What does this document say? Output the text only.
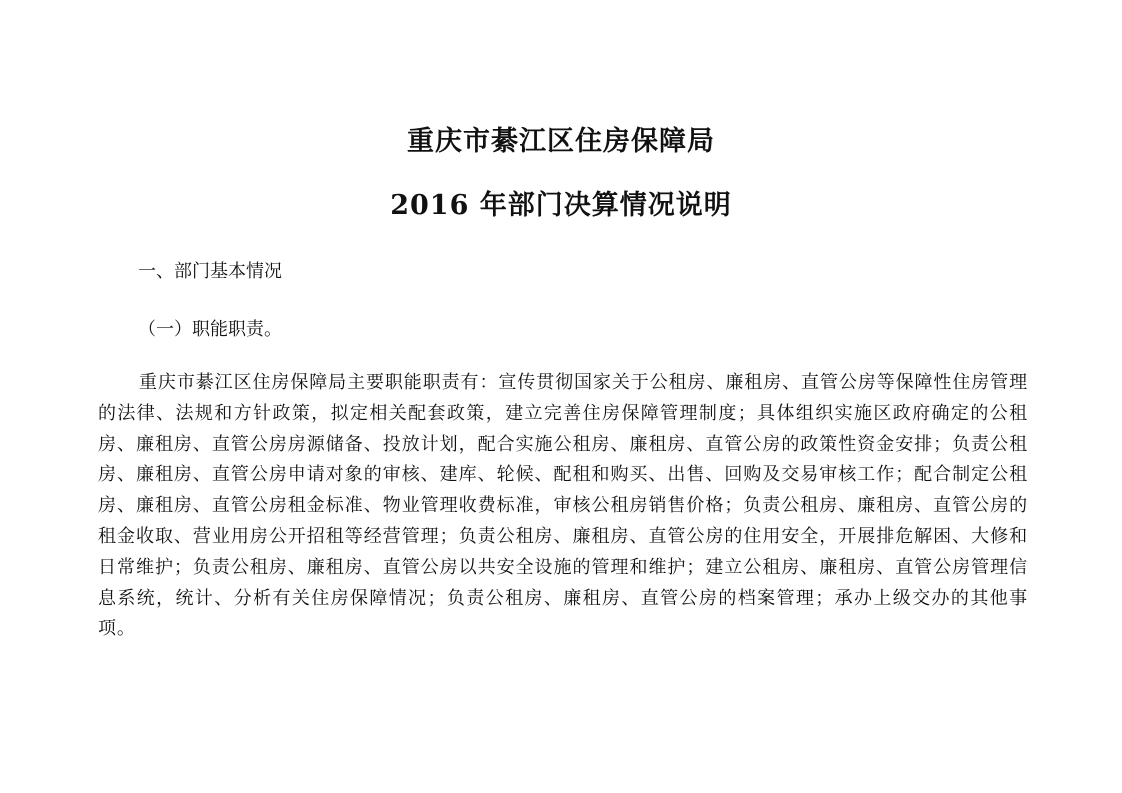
重庆市綦江区住房保障局
2016 年部门决算情况说明
一、部门基本情况
（一）职能职责。

重庆市綦江区住房保障局主要职能职责有：宣传贯彻国家关于公租房、廉租房、直管公房等保障性住房管理的法律、法规和方针政策，拟定相关配套政策，建立完善住房保障管理制度；具体组织实施区政府确定的公租房、廉租房、直管公房房源储备、投放计划，配合实施公租房、廉租房、直管公房的政策性资金安排；负责公租房、廉租房、直管公房申请对象的审核、建库、轮候、配租和购买、出售、回购及交易审核工作；配合制定公租房、廉租房、直管公房租金标准、物业管理收费标准，审核公租房销售价格；负责公租房、廉租房、直管公房的租金收取、营业用房公开招租等经营管理；负责公租房、廉租房、直管公房的住用安全，开展排危解困、大修和日常维护；负责公租房、廉租房、直管公房以共安全设施的管理和维护；建立公租房、廉租房、直管公房管理信息系统，统计、分析有关住房保障情况；负责公租房、廉租房、直管公房的档案管理；承办上级交办的其他事项。
